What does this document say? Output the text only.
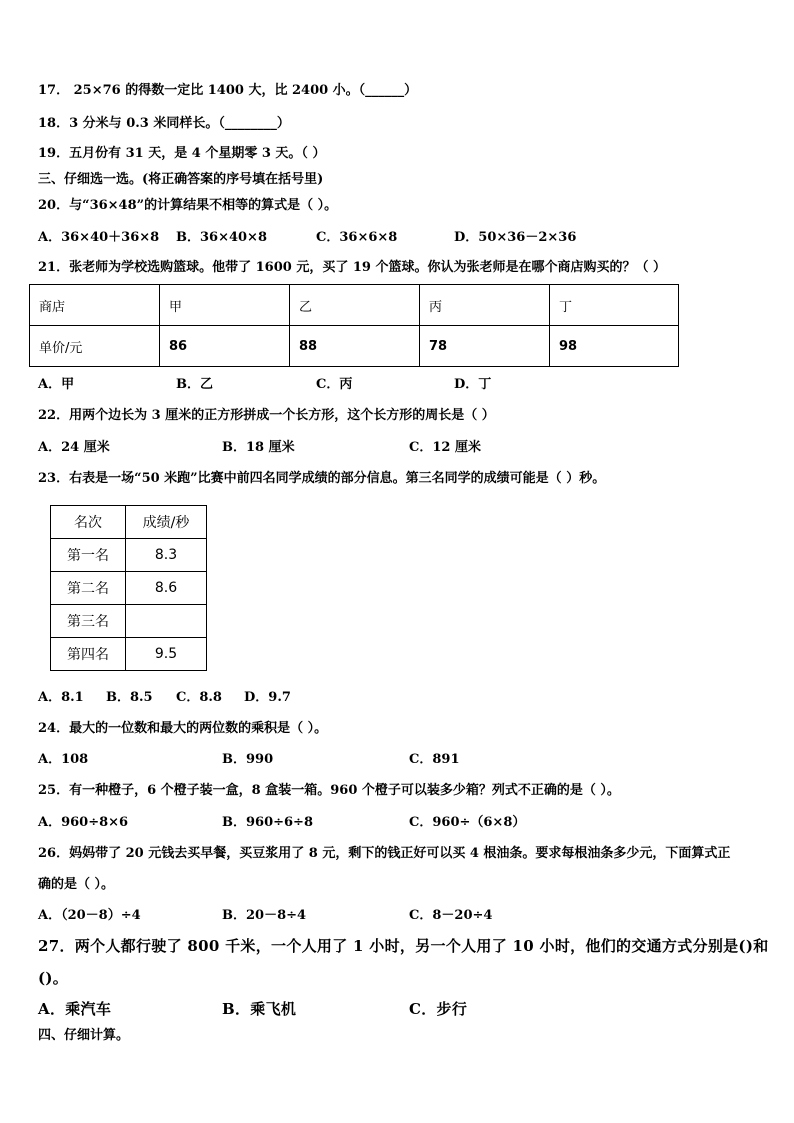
17． 25×76 的得数一定比 1400 大，比 2400 小。（______）
18．3 分米与 0.3 米同样长。（________）
19．五月份有 31 天，是 4 个星期零 3 天。（ ）
三、仔细选一选。(将正确答案的序号填在括号里)
20．与“36×48”的计算结果不相等的算式是（ ）。
A．36×40＋36×8 B．36×40×8	C．36×6×8	D．50×36－2×36
21．张老师为学校选购篮球。他带了 1600 元，买了 19 个篮球。你认为张老师是在哪个商店购买的？（ ）
商店	甲	乙	丙	丁
单价/元	86	88	78	98
A．甲	B．乙	C．丙	D．丁
22．用两个边长为 3 厘米的正方形拼成一个长方形，这个长方形的周长是（ ）
A．24 厘米	B．18 厘米	C．12 厘米
23．右表是一场“50 米跑”比赛中前四名同学成绩的部分信息。第三名同学的成绩可能是（ ）秒。
名次	成绩/秒
第一名	8.3
第二名	8.6
第三名	
第四名	9.5
A．8.1 B．8.5 C．8.8 D．9.7
24．最大的一位数和最大的两位数的乘积是（ ）。
A．108	B．990	C．891
25．有一种橙子，6 个橙子装一盒，8 盒装一箱。960 个橙子可以装多少箱？列式不正确的是（ ）。
A．960÷8×6	B．960÷6÷8	C．960÷（6×8）
26．妈妈带了 20 元钱去买早餐，买豆浆用了 8 元，剩下的钱正好可以买 4 根油条。要求每根油条多少元，下面算式正
确的是（ ）。
A．（20－8）÷4	B．20－8÷4	C．8－20÷4
27．两个人都行驶了 800 千米，一个人用了 1 小时，另一个人用了 10 小时，他们的交通方式分别是()和
()。
A．乘汽车	B．乘飞机	C．步行
四、仔细计算。
